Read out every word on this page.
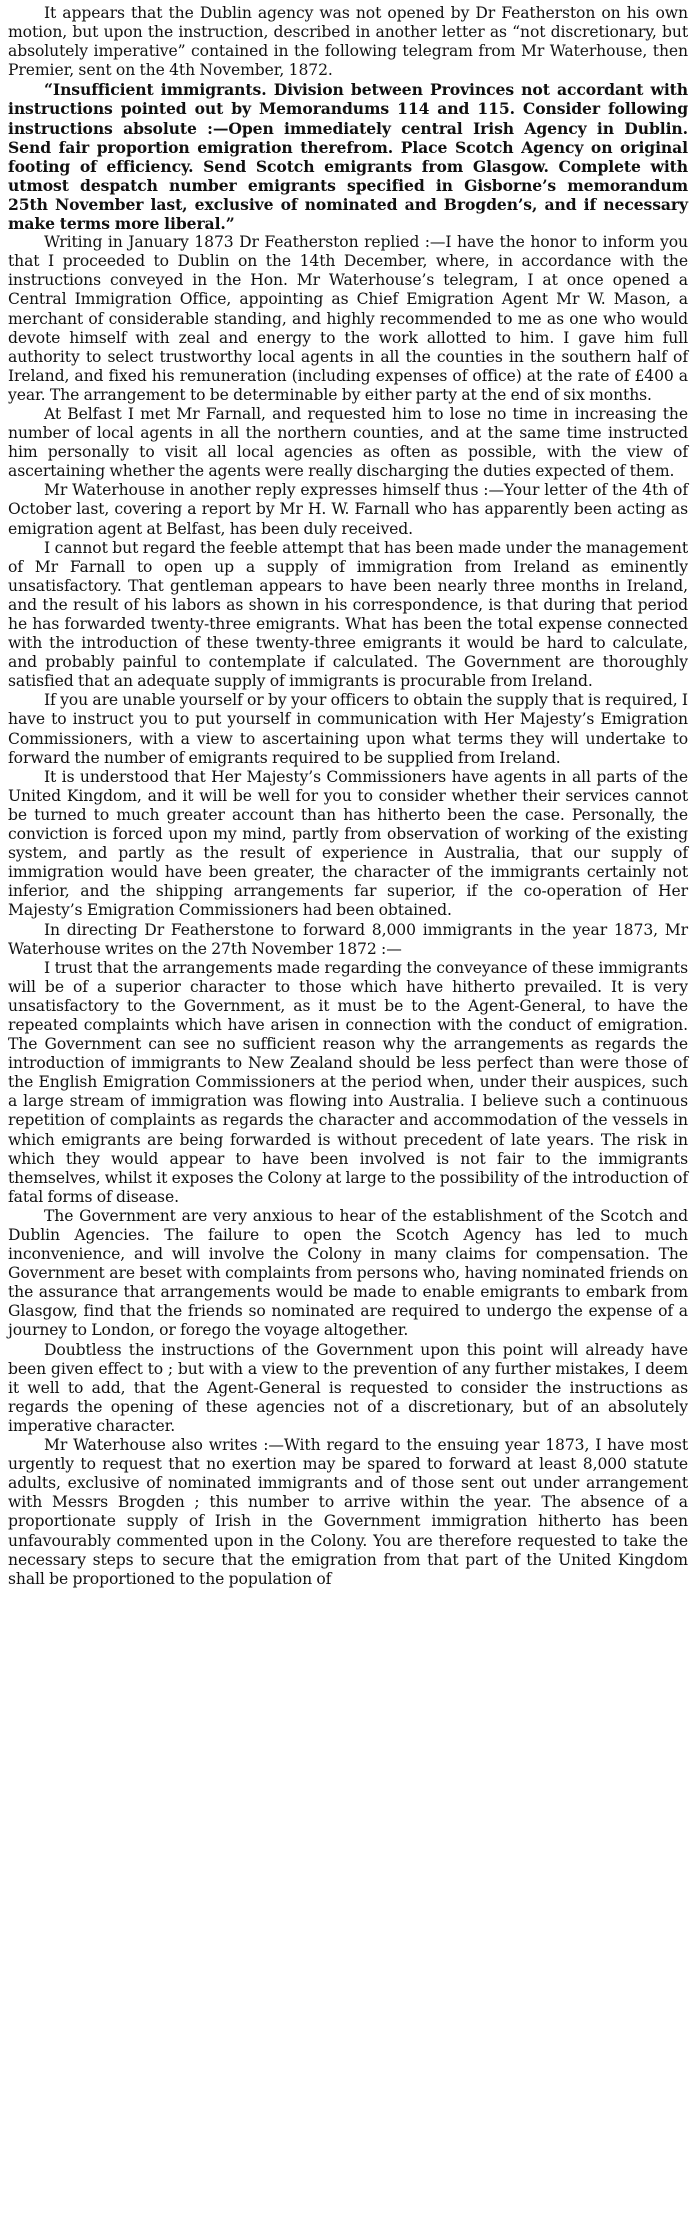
It appears that the Dublin agency was not opened by Dr Featherston on his own motion, but upon the instruction, described in another letter as “not discretionary, but absolutely imperative” contained in the following telegram from Mr Waterhouse, then Premier, sent on the 4th November, 1872.

“Insufficient immigrants. Division between Provinces not accordant with instructions pointed out by Memorandums 114 and 115. Consider following instructions absolute :—Open immediately central Irish Agency in Dublin. Send fair proportion emigration therefrom. Place Scotch Agency on original footing of efficiency. Send Scotch emigrants from Glasgow. Complete with utmost despatch number emigrants specified in Gisborne’s memorandum 25th November last, exclusive of nominated and Brogden’s, and if necessary make terms more liberal.”

Writing in January 1873 Dr Featherston replied :—I have the honor to inform you that I proceeded to Dublin on the 14th December, where, in accordance with the instructions conveyed in the Hon. Mr Waterhouse’s telegram, I at once opened a Central Immigration Office, appointing as Chief Emigration Agent Mr W. Mason, a merchant of considerable standing, and highly recommended to me as one who would devote himself with zeal and energy to the work allotted to him. I gave him full authority to select trustworthy local agents in all the counties in the southern half of Ireland, and fixed his remuneration (including expenses of office) at the rate of £400 a year. The arrangement to be determinable by either party at the end of six months.

At Belfast I met Mr Farnall, and requested him to lose no time in increasing the number of local agents in all the northern counties, and at the same time instructed him personally to visit all local agencies as often as possible, with the view of ascertaining whether the agents were really discharging the duties expected of them.

Mr Waterhouse in another reply expresses himself thus :—Your letter of the 4th of October last, covering a report by Mr H. W. Farnall who has apparently been acting as emigration agent at Belfast, has been duly received.

I cannot but regard the feeble attempt that has been made under the management of Mr Farnall to open up a supply of immigration from Ireland as eminently unsatisfactory. That gentleman appears to have been nearly three months in Ireland, and the result of his labors as shown in his correspondence, is that during that period he has forwarded twenty-three emigrants. What has been the total expense connected with the introduction of these twenty-three emigrants it would be hard to calculate, and probably painful to contemplate if calculated. The Government are thoroughly satisfied that an adequate supply of immigrants is procurable from Ireland.

If you are unable yourself or by your officers to obtain the supply that is required, I have to instruct you to put yourself in communication with Her Majesty’s Emigration Commissioners, with a view to ascertaining upon what terms they will undertake to forward the number of emigrants required to be supplied from Ireland.

It is understood that Her Majesty’s Commissioners have agents in all parts of the United Kingdom, and it will be well for you to consider whether their services cannot be turned to much greater account than has hitherto been the case. Personally, the conviction is forced upon my mind, partly from observation of working of the existing system, and partly as the result of experience in Australia, that our supply of immigration would have been greater, the character of the immigrants certainly not inferior, and the shipping arrangements far superior, if the co-operation of Her Majesty’s Emigration Commissioners had been obtained.

In directing Dr Featherstone to forward 8,000 immigrants in the year 1873, Mr Waterhouse writes on the 27th November 1872 :—

I trust that the arrangements made regarding the conveyance of these immigrants will be of a superior character to those which have hitherto prevailed. It is very unsatisfactory to the Government, as it must be to the Agent-General, to have the repeated complaints which have arisen in connection with the conduct of emigration. The Government can see no sufficient reason why the arrangements as regards the introduction of immigrants to New Zealand should be less perfect than were those of the English Emigration Commissioners at the period when, under their auspices, such a large stream of immigration was flowing into Australia. I believe such a continuous repetition of complaints as regards the character and accommodation of the vessels in which emigrants are being forwarded is without precedent of late years. The risk in which they would appear to have been involved is not fair to the immigrants themselves, whilst it exposes the Colony at large to the possibility of the introduction of fatal forms of disease.

The Government are very anxious to hear of the establishment of the Scotch and Dublin Agencies. The failure to open the Scotch Agency has led to much inconvenience, and will involve the Colony in many claims for compensation. The Government are beset with complaints from persons who, having nominated friends on the assurance that arrangements would be made to enable emigrants to embark from Glasgow, find that the friends so nominated are required to undergo the expense of a journey to London, or forego the voyage altogether.

Doubtless the instructions of the Government upon this point will already have been given effect to ; but with a view to the prevention of any further mistakes, I deem it well to add, that the Agent-General is requested to consider the instructions as regards the opening of these agencies not of a discretionary, but of an absolutely imperative character.

Mr Waterhouse also writes :—With regard to the ensuing year 1873, I have most urgently to request that no exertion may be spared to forward at least 8,000 statute adults, exclusive of nominated immigrants and of those sent out under arrangement with Messrs Brogden ; this number to arrive within the year. The absence of a proportionate supply of Irish in the Government immigration hitherto has been unfavourably commented upon in the Colony. You are therefore requested to take the necessary steps to secure that the emigration from that part of the United Kingdom shall be proportioned to the population of
